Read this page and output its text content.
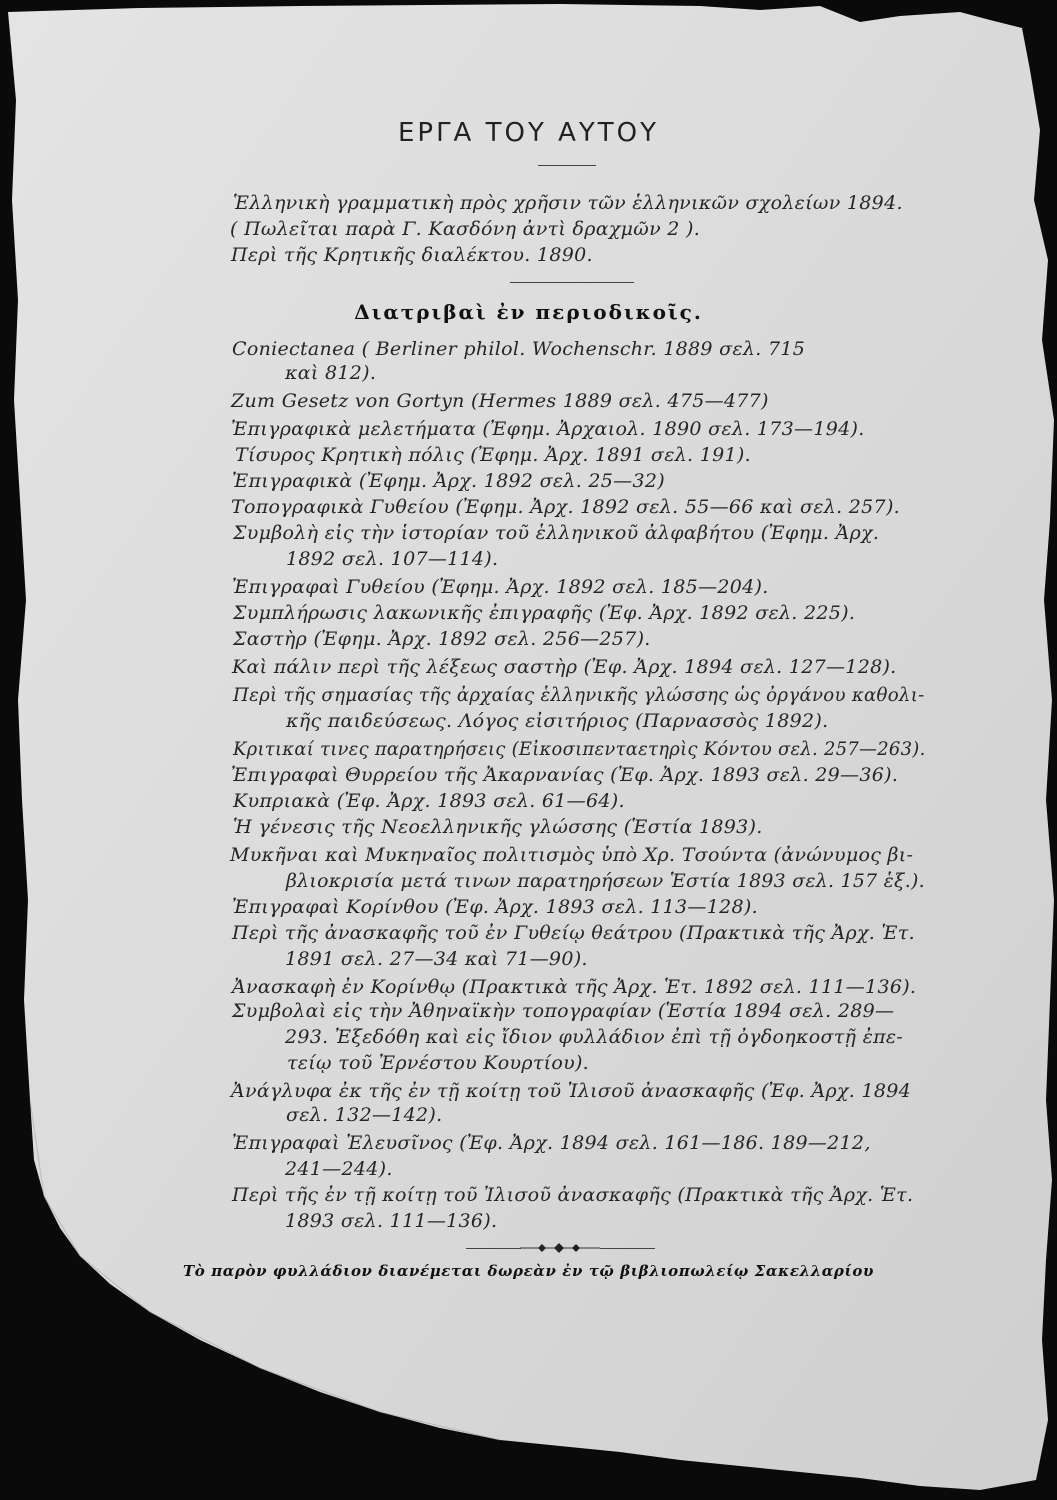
ΕΡΓΑ ΤΟΥ ΑΥΤΟΥ
Ἑλληνικὴ γραμματικὴ πρὸς χρῆσιν τῶν ἑλληνικῶν σχολείων 1894.
( Πωλεῖται παρὰ Γ. Κασδόνη ἀντὶ δραχμῶν 2 ).
Περὶ τῆς Κρητικῆς διαλέκτου. 1890.
Διατριβαὶ ἐν περιοδικοῖς.
Coniectanea ( Berliner philol. Wochenschr. 1889 σελ. 715
καὶ 812).
Zum Gesetz von Gortyn (Hermes 1889 σελ. 475—477)
Ἐπιγραφικὰ μελετήματα (Ἐφημ. Ἀρχαιολ. 1890 σελ. 173—194).
Τίσυρος Κρητικὴ πόλις (Ἐφημ. Ἀρχ. 1891 σελ. 191).
Ἐπιγραφικὰ (Ἐφημ. Ἀρχ. 1892 σελ. 25—32)
Τοπογραφικὰ Γυθείου (Ἐφημ. Ἀρχ. 1892 σελ. 55—66 καὶ σελ. 257).
Συμβολὴ εἰς τὴν ἱστορίαν τοῦ ἑλληνικοῦ ἀλφαβήτου (Ἐφημ. Ἀρχ.
1892 σελ. 107—114).
Ἐπιγραφαὶ Γυθείου (Ἐφημ. Ἀρχ. 1892 σελ. 185—204).
Συμπλήρωσις λακωνικῆς ἐπιγραφῆς (Ἐφ. Ἀρχ. 1892 σελ. 225).
Σαστὴρ (Ἐφημ. Ἀρχ. 1892 σελ. 256—257).
Καὶ πάλιν περὶ τῆς λέξεως σαστὴρ (Ἐφ. Ἀρχ. 1894 σελ. 127—128).
Περὶ τῆς σημασίας τῆς ἀρχαίας ἑλληνικῆς γλώσσης ὡς ὀργάνου καθολι-
κῆς παιδεύσεως. Λόγος εἰσιτήριος (Παρνασσὸς 1892).
Κριτικαί τινες παρατηρήσεις (Εἰκοσιπενταετηρὶς Κόντου σελ. 257—263).
Ἐπιγραφαὶ Θυρρείου τῆς Ἀκαρνανίας (Ἐφ. Ἀρχ. 1893 σελ. 29—36).
Κυπριακὰ (Ἐφ. Ἀρχ. 1893 σελ. 61—64).
Ἡ γένεσις τῆς Νεοελληνικῆς γλώσσης (Ἑστία 1893).
Μυκῆναι καὶ Μυκηναῖος πολιτισμὸς ὑπὸ Χρ. Τσούντα (ἀνώνυμος βι-
βλιοκρισία μετά τινων παρατηρήσεων Ἑστία 1893 σελ. 157 ἑξ.).
Ἐπιγραφαὶ Κορίνθου (Ἐφ. Ἀρχ. 1893 σελ. 113—128).
Περὶ τῆς ἀνασκαφῆς τοῦ ἐν Γυθείῳ θεάτρου (Πρακτικὰ τῆς Ἀρχ. Ἑτ.
1891 σελ. 27—34 καὶ 71—90).
Ἀνασκαφὴ ἐν Κορίνθῳ (Πρακτικὰ τῆς Ἀρχ. Ἑτ. 1892 σελ. 111—136).
Συμβολαὶ εἰς τὴν Ἀθηναϊκὴν τοπογραφίαν (Ἑστία 1894 σελ. 289—
293. Ἐξεδόθη καὶ εἰς ἴδιον φυλλάδιον ἐπὶ τῇ ὀγδοηκοστῇ ἐπε-
τείῳ τοῦ Ἐρνέστου Κουρτίου).
Ἀνάγλυφα ἐκ τῆς ἐν τῇ κοίτῃ τοῦ Ἰλισοῦ ἀνασκαφῆς (Ἐφ. Ἀρχ. 1894
σελ. 132—142).
Ἐπιγραφαὶ Ἐλευσῖνος (Ἐφ. Ἀρχ. 1894 σελ. 161—186. 189—212,
241—244).
Περὶ τῆς ἐν τῇ κοίτῃ τοῦ Ἰλισοῦ ἀνασκαφῆς (Πρακτικὰ τῆς Ἀρχ. Ἑτ.
1893 σελ. 111—136).
Τὸ παρὸν φυλλάδιον διανέμεται δωρεὰν ἐν τῷ βιβλιοπωλείῳ Σακελλαρίου
